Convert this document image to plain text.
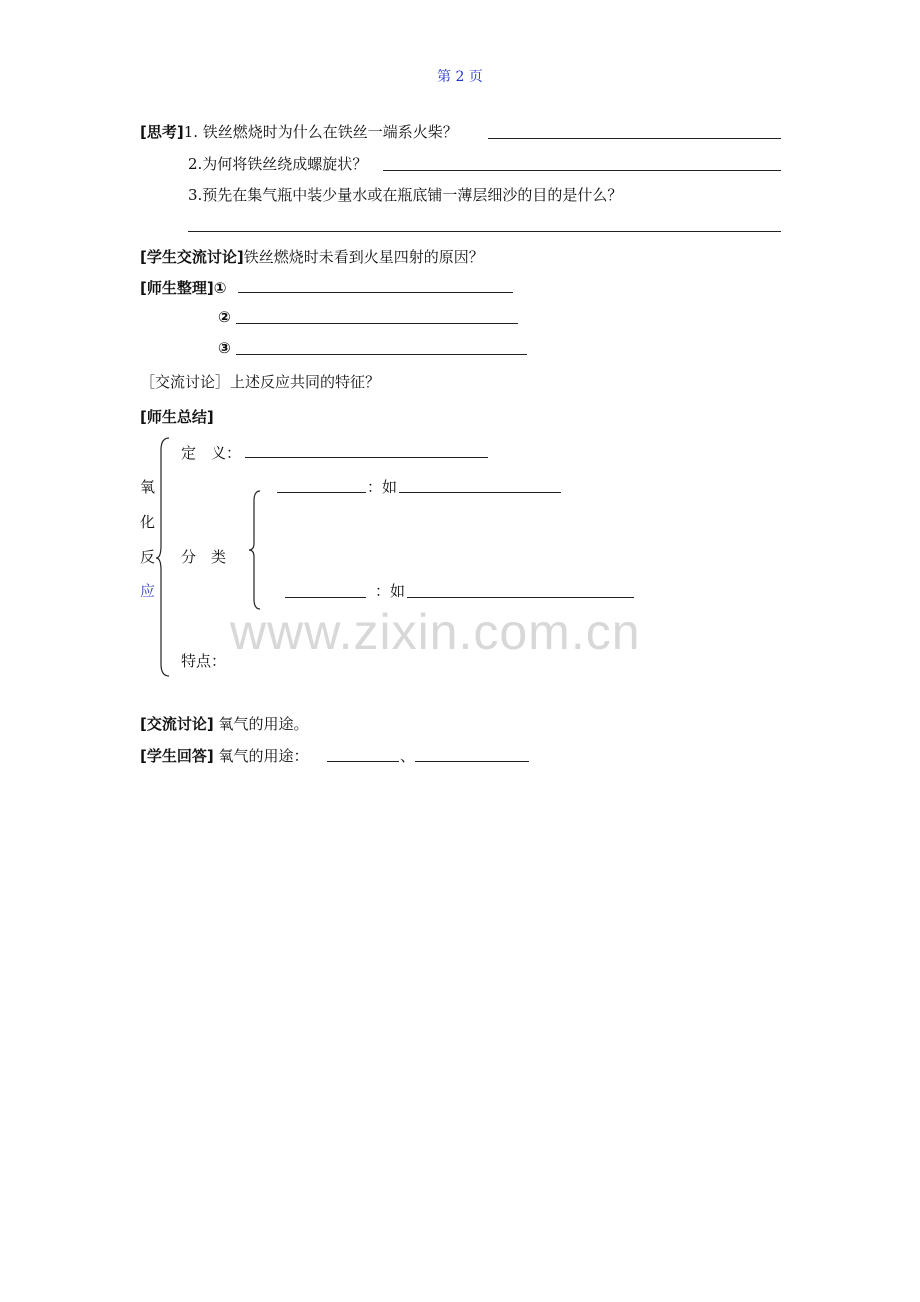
第 2 页
[思考]1. 铁丝燃烧时为什么在铁丝一端系火柴？
2.为何将铁丝绕成螺旋状？
3.预先在集气瓶中装少量水或在瓶底铺一薄层细沙的目的是什么？
[学生交流讨论]铁丝燃烧时未看到火星四射的原因？
[师生整理]①
②
③
［交流讨论］上述反应共同的特征？
[师生总结]
氧
化
反
应
定　义：
：如
分　类
：如
特点：
www.zixin.com.cn
[交流讨论] 氧气的用途。
[学生回答] 氧气的用途：	、
